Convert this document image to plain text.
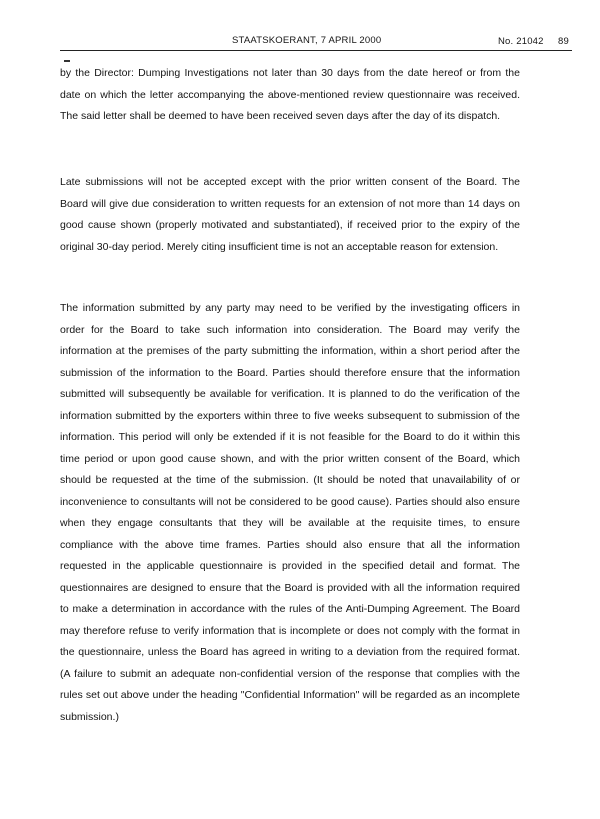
STAATSKOERANT, 7 APRIL 2000	No. 21042 89

by the Director: Dumping Investigations not later than 30 days from the date hereof or from the date on which the letter accompanying the above-mentioned review questionnaire was received. The said letter shall be deemed to have been received seven days after the day of its dispatch.

Late submissions will not be accepted except with the prior written consent of the Board. The Board will give due consideration to written requests for an extension of not more than 14 days on good cause shown (properly motivated and substantiated), if received prior to the expiry of the original 30-day period. Merely citing insufficient time is not an acceptable reason for extension.

The information submitted by any party may need to be verified by the investigating officers in order for the Board to take such information into consideration. The Board may verify the information at the premises of the party submitting the information, within a short period after the submission of the information to the Board. Parties should therefore ensure that the information submitted will subsequently be available for verification. It is planned to do the verification of the information submitted by the exporters within three to five weeks subsequent to submission of the information. This period will only be extended if it is not feasible for the Board to do it within this time period or upon good cause shown, and with the prior written consent of the Board, which should be requested at the time of the submission. (It should be noted that unavailability of or inconvenience to consultants will not be considered to be good cause). Parties should also ensure when they engage consultants that they will be available at the requisite times, to ensure compliance with the above time frames. Parties should also ensure that all the information requested in the applicable questionnaire is provided in the specified detail and format. The questionnaires are designed to ensure that the Board is provided with all the information required to make a determination in accordance with the rules of the Anti-Dumping Agreement. The Board may therefore refuse to verify information that is incomplete or does not comply with the format in the questionnaire, unless the Board has agreed in writing to a deviation from the required format. (A failure to submit an adequate non-confidential version of the response that complies with the rules set out above under the heading "Confidential Information" will be regarded as an incomplete submission.)
